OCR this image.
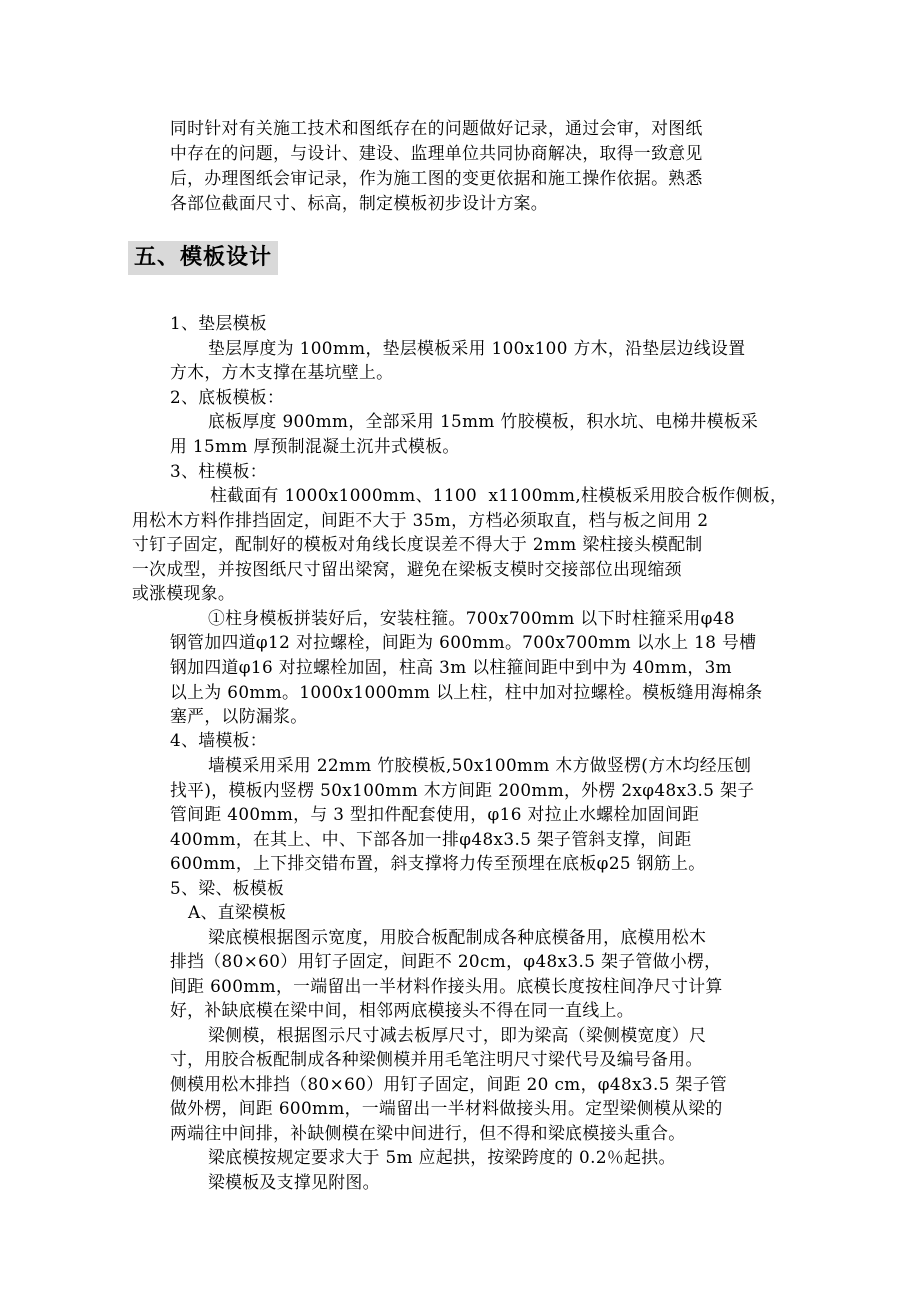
同时针对有关施工技术和图纸存在的问题做好记录，通过会审，对图纸
中存在的问题，与设计、建设、监理单位共同协商解决，取得一致意见
后，办理图纸会审记录，作为施工图的变更依据和施工操作依据。熟悉
各部位截面尺寸、标高，制定模板初步设计方案。
五、模板设计
1、垫层模板
垫层厚度为 100mm，垫层模板采用 100x100 方木，沿垫层边线设置
方木，方木支撑在基坑壁上。
2、底板模板：
底板厚度 900mm，全部采用 15mm 竹胶模板，积水坑、电梯井模板采
用 15mm 厚预制混凝土沉井式模板。
3、柱模板：
柱截面有 1000x1000mm、1100  x1100mm,柱模板采用胶合板作侧板，
用松木方料作排挡固定，间距不大于 35m，方档必须取直，档与板之间用 2
寸钉子固定，配制好的模板对角线长度误差不得大于 2mm 梁柱接头模配制
一次成型，并按图纸尺寸留出梁窝，避免在梁板支模时交接部位出现缩颈
或涨模现象。
①柱身模板拼装好后，安装柱箍。700x700mm 以下时柱箍采用φ48
钢管加四道φ12 对拉螺栓，间距为 600mm。700x700mm 以水上 18 号槽
钢加四道φ16 对拉螺栓加固，柱高 3m 以柱箍间距中到中为 40mm，3m
以上为 60mm。1000x1000mm 以上柱，柱中加对拉螺栓。模板缝用海棉条
塞严，以防漏浆。
4、墙模板：
墙模采用采用 22mm 竹胶模板,50x100mm 木方做竖楞(方木均经压刨
找平)，模板内竖楞 50x100mm 木方间距 200mm，外楞 2xφ48x3.5 架子
管间距 400mm，与 3 型扣件配套使用，φ16 对拉止水螺栓加固间距
400mm，在其上、中、下部各加一排φ48x3.5 架子管斜支撑，间距
600mm，上下排交错布置，斜支撑将力传至预埋在底板φ25 钢筋上。
5、梁、板模板
A、直梁模板
梁底模根据图示宽度，用胶合板配制成各种底模备用，底模用松木
排挡（80×60）用钉子固定，间距不 20cm，φ48x3.5 架子管做小楞，
间距 600mm，一端留出一半材料作接头用。底模长度按柱间净尺寸计算
好，补缺底模在梁中间，相邻两底模接头不得在同一直线上。
梁侧模，根据图示尺寸减去板厚尺寸，即为梁高（梁侧模宽度）尺
寸，用胶合板配制成各种梁侧模并用毛笔注明尺寸梁代号及编号备用。
侧模用松木排挡（80×60）用钉子固定，间距 20 cm，φ48x3.5 架子管
做外楞，间距 600mm，一端留出一半材料做接头用。定型梁侧模从梁的
两端往中间排，补缺侧模在梁中间进行，但不得和梁底模接头重合。
梁底模按规定要求大于 5m 应起拱，按梁跨度的 0.2％起拱。
梁模板及支撑见附图。
